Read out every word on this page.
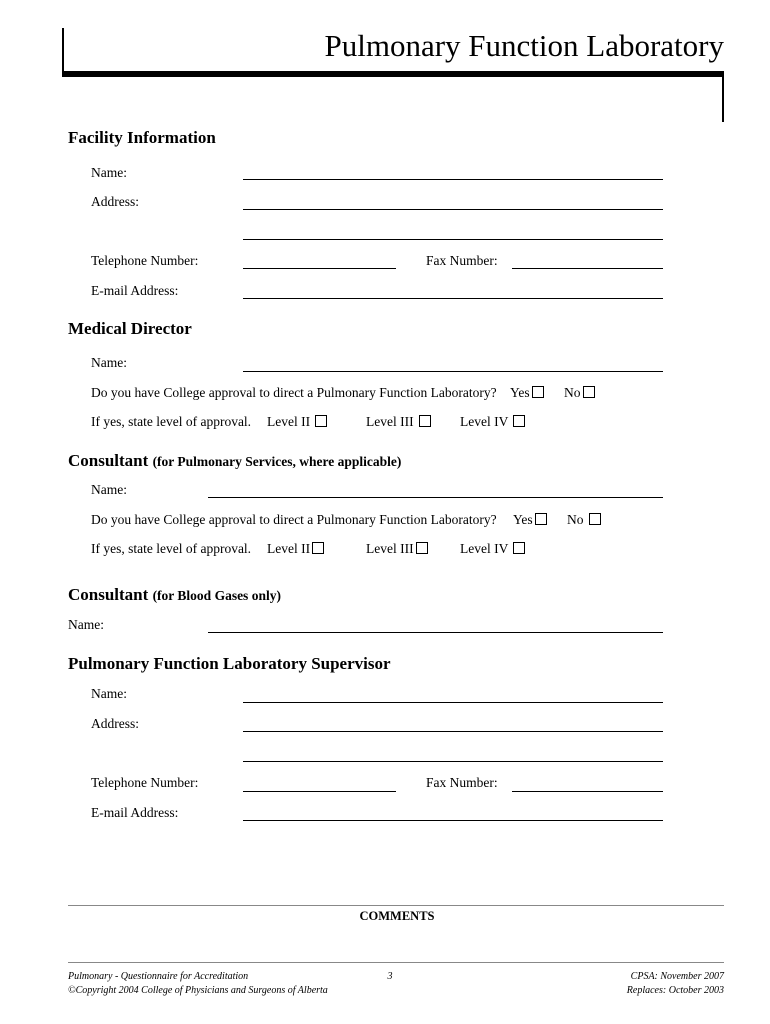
Pulmonary Function Laboratory
Facility Information
Name:
Address:
Telephone Number:	Fax Number:
E-mail Address:
Medical Director
Name:
Do you have College approval to direct a Pulmonary Function Laboratory? Yes	No
If yes, state level of approval. Level II	Level III	Level IV
Consultant (for Pulmonary Services, where applicable)
Name:
Do you have College approval to direct a Pulmonary Function Laboratory? Yes	No
If yes, state level of approval. Level II	Level III	Level IV
Consultant (for Blood Gases only)
Name:
Pulmonary Function Laboratory Supervisor
Name:
Address:
Telephone Number:	Fax Number:
E-mail Address:
COMMENTS
Pulmonary - Questionnaire for Accreditation
©Copyright 2004 College of Physicians and Surgeons of Alberta
3	CPSA: November 2007
Replaces: October 2003
